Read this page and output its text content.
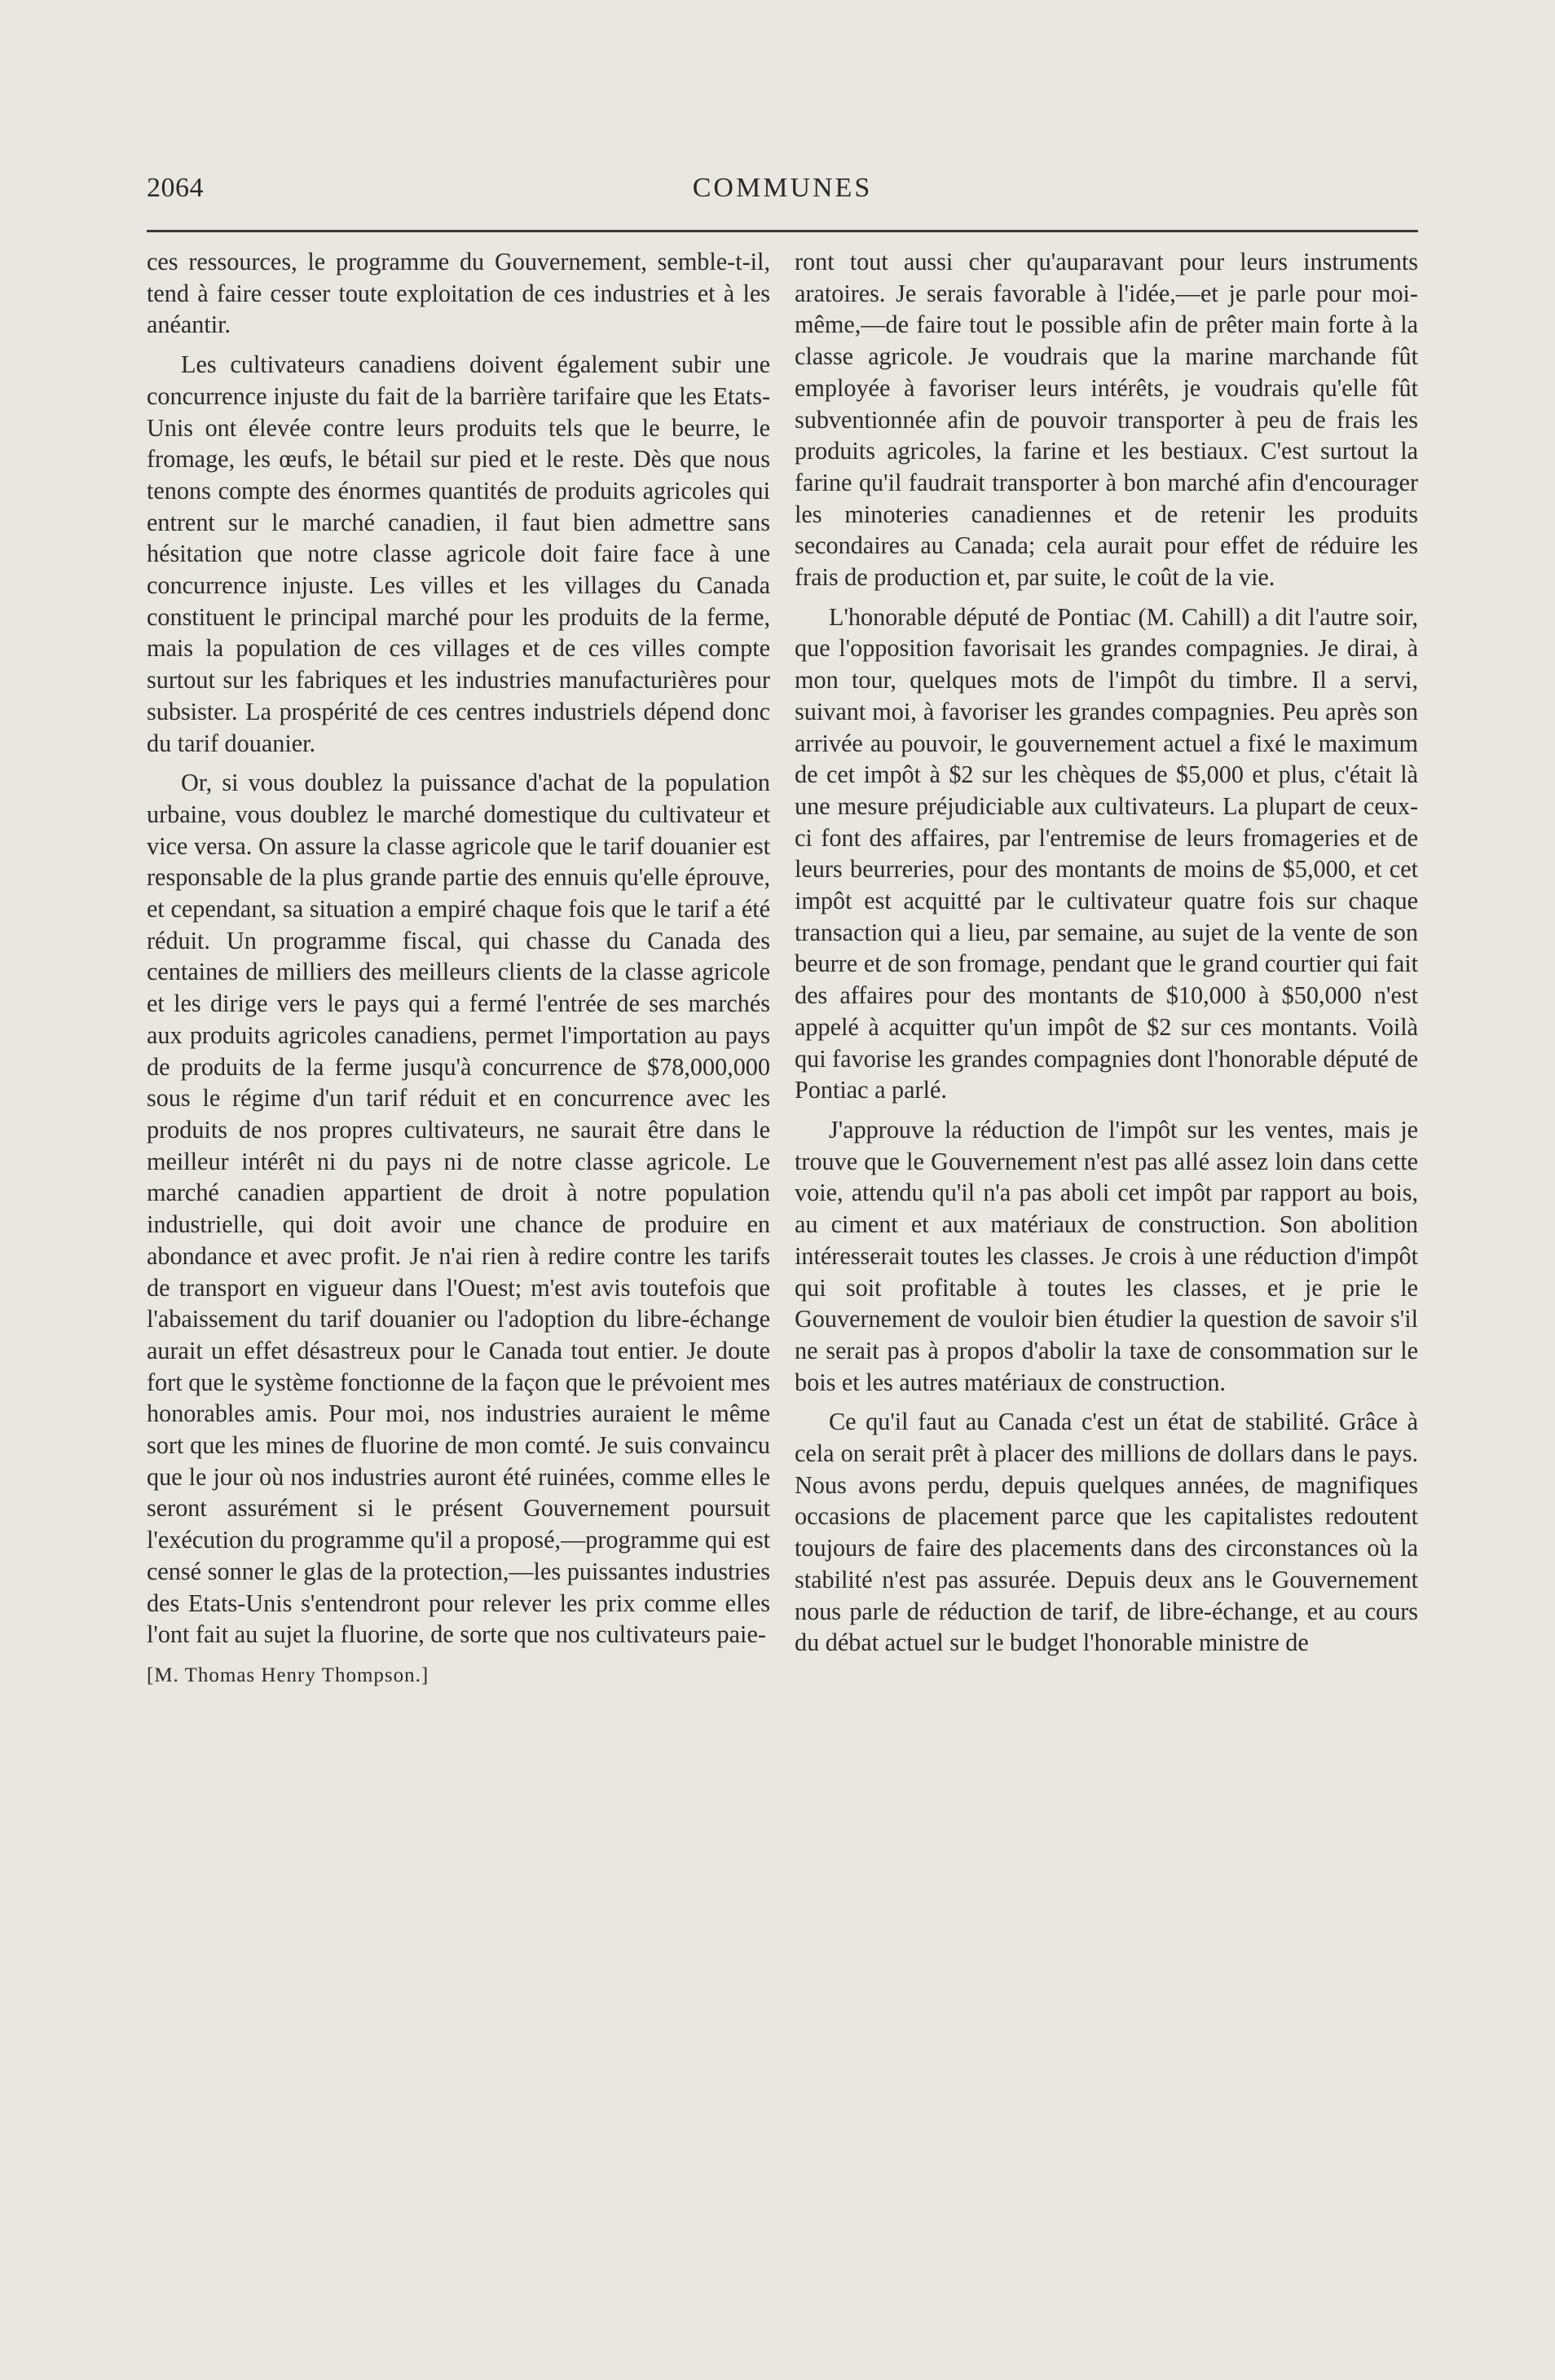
2064	COMMUNES

ces ressources, le programme du Gouvernement, semble-t-il, tend à faire cesser toute exploitation de ces industries et à les anéantir.

Les cultivateurs canadiens doivent également subir une concurrence injuste du fait de la barrière tarifaire que les Etats-Unis ont élevée contre leurs produits tels que le beurre, le fromage, les œufs, le bétail sur pied et le reste. Dès que nous tenons compte des énormes quantités de produits agricoles qui entrent sur le marché canadien, il faut bien admettre sans hésitation que notre classe agricole doit faire face à une concurrence injuste. Les villes et les villages du Canada constituent le principal marché pour les produits de la ferme, mais la population de ces villages et de ces villes compte surtout sur les fabriques et les industries manufacturières pour subsister. La prospérité de ces centres industriels dépend donc du tarif douanier.

Or, si vous doublez la puissance d'achat de la population urbaine, vous doublez le marché domestique du cultivateur et vice versa. On assure la classe agricole que le tarif douanier est responsable de la plus grande partie des ennuis qu'elle éprouve, et cependant, sa situation a empiré chaque fois que le tarif a été réduit. Un programme fiscal, qui chasse du Canada des centaines de milliers des meilleurs clients de la classe agricole et les dirige vers le pays qui a fermé l'entrée de ses marchés aux produits agricoles canadiens, permet l'importation au pays de produits de la ferme jusqu'à concurrence de $78,000,000 sous le régime d'un tarif réduit et en concurrence avec les produits de nos propres cultivateurs, ne saurait être dans le meilleur intérêt ni du pays ni de notre classe agricole. Le marché canadien appartient de droit à notre population industrielle, qui doit avoir une chance de produire en abondance et avec profit. Je n'ai rien à redire contre les tarifs de transport en vigueur dans l'Ouest; m'est avis toutefois que l'abaissement du tarif douanier ou l'adoption du libre-échange aurait un effet désastreux pour le Canada tout entier. Je doute fort que le système fonctionne de la façon que le prévoient mes honorables amis. Pour moi, nos industries auraient le même sort que les mines de fluorine de mon comté. Je suis convaincu que le jour où nos industries auront été ruinées, comme elles le seront assurément si le présent Gouvernement poursuit l'exécution du programme qu'il a proposé,—programme qui est censé sonner le glas de la protection,—les puissantes industries des Etats-Unis s'entendront pour relever les prix comme elles l'ont fait au sujet la fluorine, de sorte que nos cultivateurs paie-

[M. Thomas Henry Thompson.]

ront tout aussi cher qu'auparavant pour leurs instruments aratoires. Je serais favorable à l'idée,—et je parle pour moi-même,—de faire tout le possible afin de prêter main forte à la classe agricole. Je voudrais que la marine marchande fût employée à favoriser leurs intérêts, je voudrais qu'elle fût subventionnée afin de pouvoir transporter à peu de frais les produits agricoles, la farine et les bestiaux. C'est surtout la farine qu'il faudrait transporter à bon marché afin d'encourager les minoteries canadiennes et de retenir les produits secondaires au Canada; cela aurait pour effet de réduire les frais de production et, par suite, le coût de la vie.

L'honorable député de Pontiac (M. Cahill) a dit l'autre soir, que l'opposition favorisait les grandes compagnies. Je dirai, à mon tour, quelques mots de l'impôt du timbre. Il a servi, suivant moi, à favoriser les grandes compagnies. Peu après son arrivée au pouvoir, le gouvernement actuel a fixé le maximum de cet impôt à $2 sur les chèques de $5,000 et plus, c'était là une mesure préjudiciable aux cultivateurs. La plupart de ceux-ci font des affaires, par l'entremise de leurs fromageries et de leurs beurreries, pour des montants de moins de $5,000, et cet impôt est acquitté par le cultivateur quatre fois sur chaque transaction qui a lieu, par semaine, au sujet de la vente de son beurre et de son fromage, pendant que le grand courtier qui fait des affaires pour des montants de $10,000 à $50,000 n'est appelé à acquitter qu'un impôt de $2 sur ces montants. Voilà qui favorise les grandes compagnies dont l'honorable député de Pontiac a parlé.

J'approuve la réduction de l'impôt sur les ventes, mais je trouve que le Gouvernement n'est pas allé assez loin dans cette voie, attendu qu'il n'a pas aboli cet impôt par rapport au bois, au ciment et aux matériaux de construction. Son abolition intéresserait toutes les classes. Je crois à une réduction d'impôt qui soit profitable à toutes les classes, et je prie le Gouvernement de vouloir bien étudier la question de savoir s'il ne serait pas à propos d'abolir la taxe de consommation sur le bois et les autres matériaux de construction.

Ce qu'il faut au Canada c'est un état de stabilité. Grâce à cela on serait prêt à placer des millions de dollars dans le pays. Nous avons perdu, depuis quelques années, de magnifiques occasions de placement parce que les capitalistes redoutent toujours de faire des placements dans des circonstances où la stabilité n'est pas assurée. Depuis deux ans le Gouvernement nous parle de réduction de tarif, de libre-échange, et au cours du débat actuel sur le budget l'honorable ministre de
